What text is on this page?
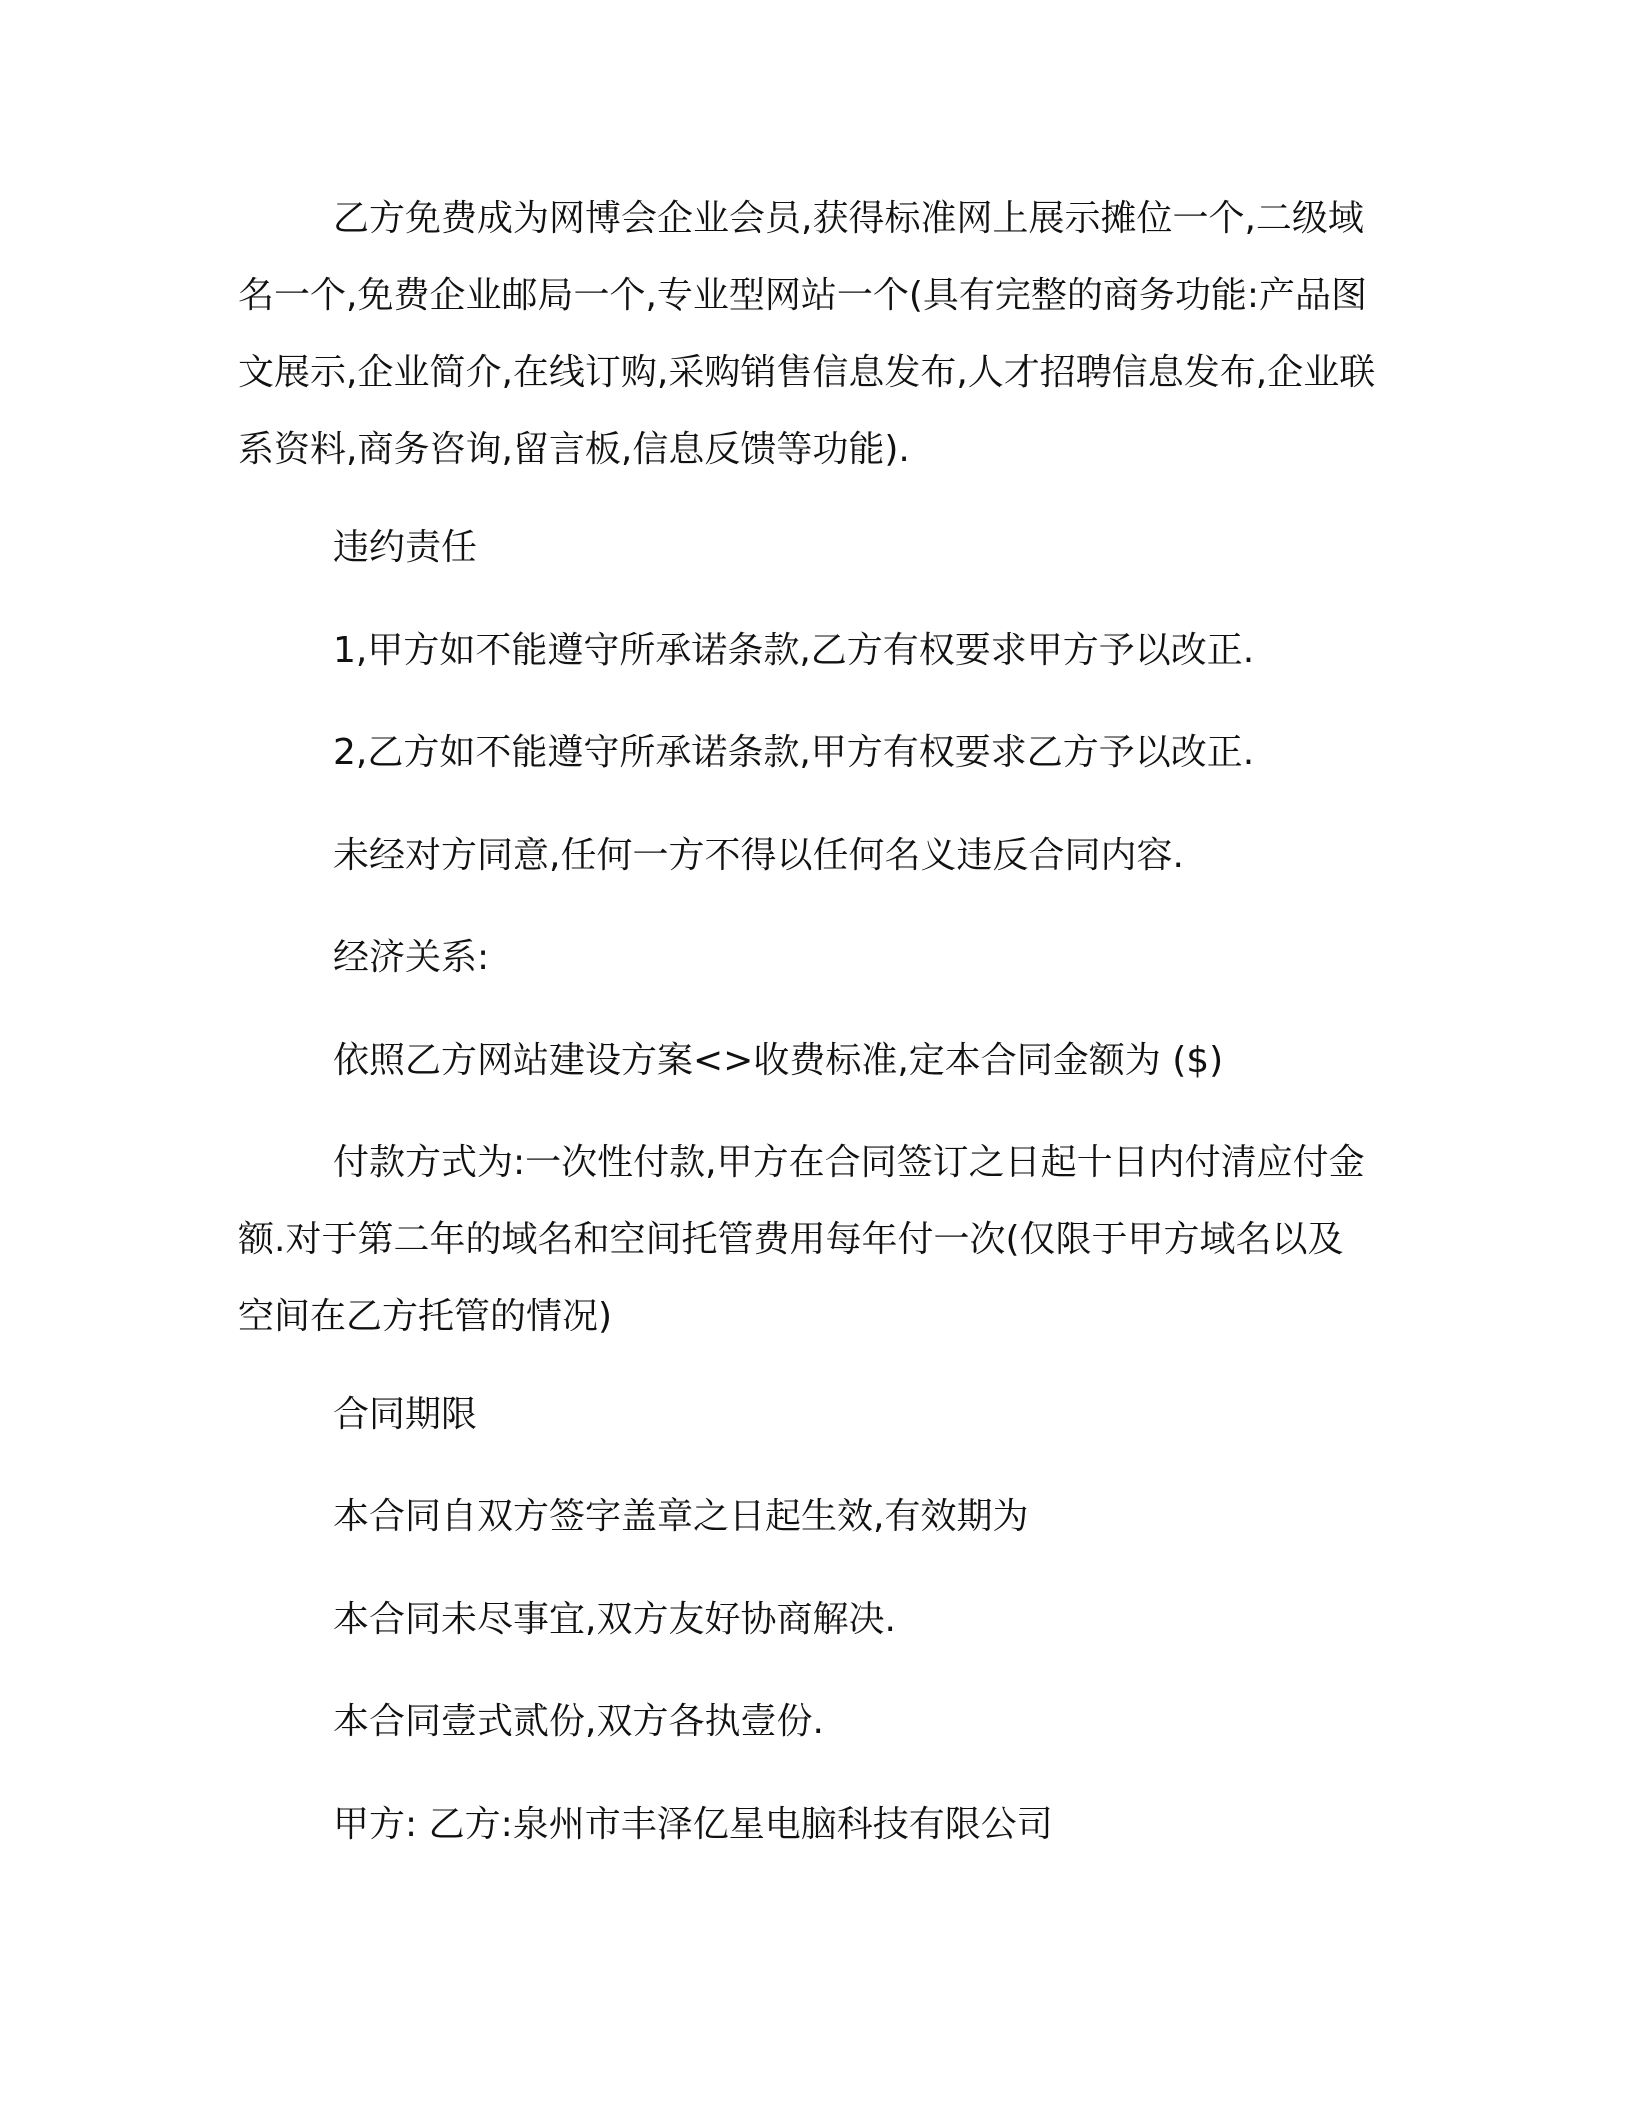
乙方免费成为网博会企业会员,获得标准网上展示摊位一个,二级域名一个,免费企业邮局一个,专业型网站一个(具有完整的商务功能:产品图文展示,企业简介,在线订购,采购销售信息发布,人才招聘信息发布,企业联系资料,商务咨询,留言板,信息反馈等功能).

违约责任

1,甲方如不能遵守所承诺条款,乙方有权要求甲方予以改正.

2,乙方如不能遵守所承诺条款,甲方有权要求乙方予以改正.

未经对方同意,任何一方不得以任何名义违反合同内容.

经济关系:

依照乙方网站建设方案<>收费标准,定本合同金额为 ($)

付款方式为:一次性付款,甲方在合同签订之日起十日内付清应付金额.对于第二年的域名和空间托管费用每年付一次(仅限于甲方域名以及空间在乙方托管的情况)

合同期限

本合同自双方签字盖章之日起生效,有效期为

本合同未尽事宜,双方友好协商解决.

本合同壹式贰份,双方各执壹份.

甲方: 乙方:泉州市丰泽亿星电脑科技有限公司
